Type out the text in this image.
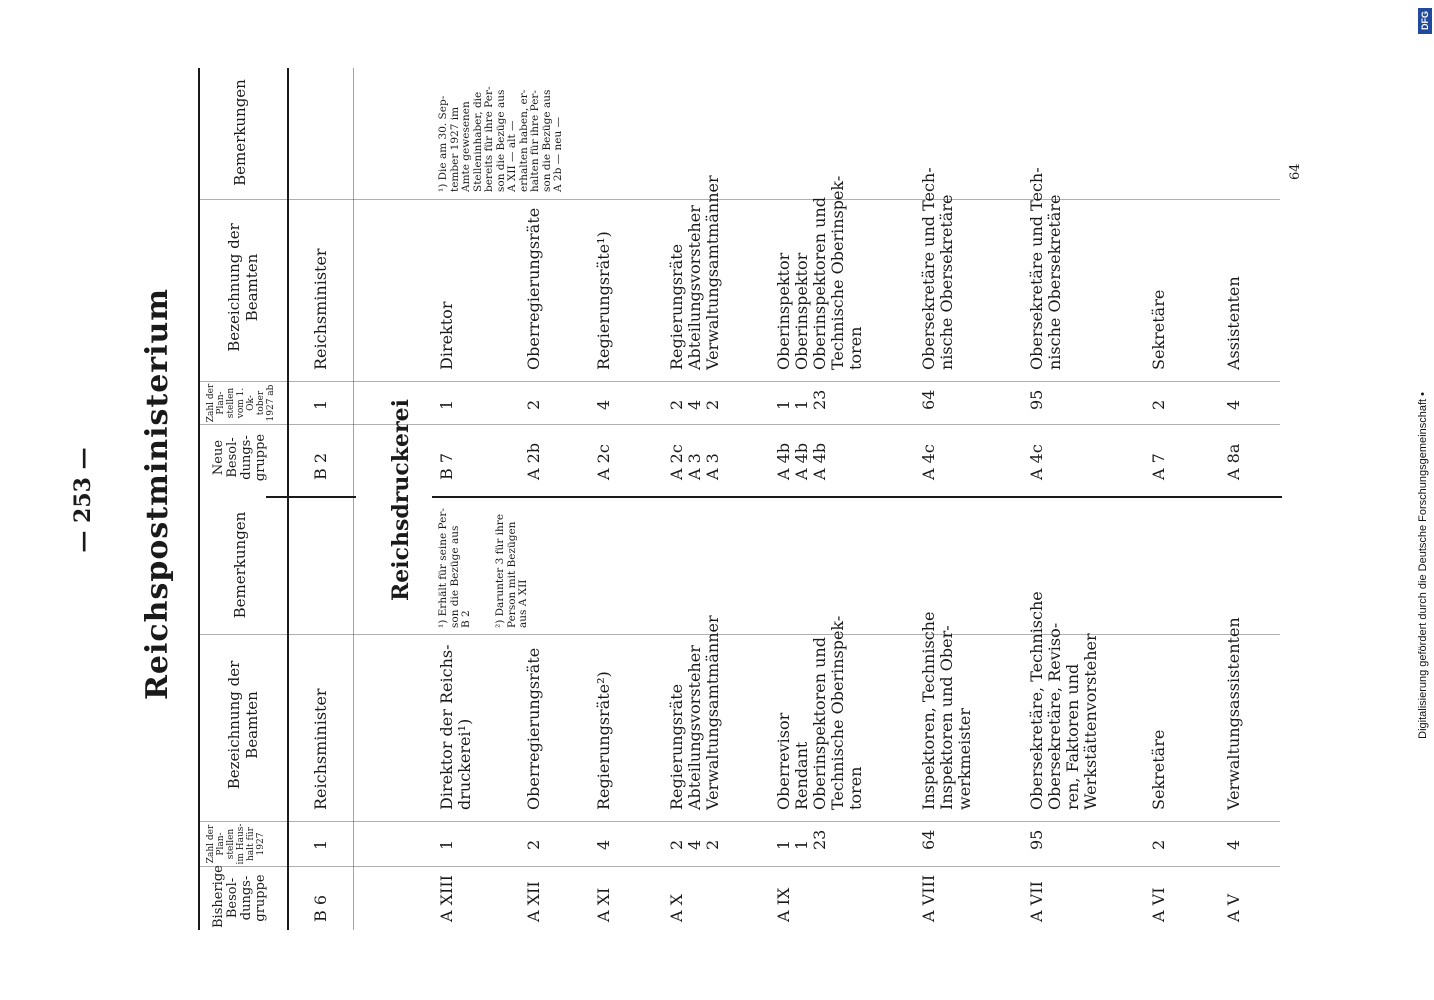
— 253 — Reichspostministerium
Bisherige Besol- dungs- gruppe
Zahl der Plan- stellen im Haus- halt für 1927
Bezeichnung der Beamten
Bemerkungen
Neue Besol- dungs- gruppe
Zahl der Plan- stellen vom 1. Ok- tober 1927 ab
Bezeichnung der Beamten
Bemerkungen
B 6
1
Reichsminister
B 2
1
Reichsminister
Reichsdruckerei
A XIII
1
Direktor der Reichs-
druckerei¹)
¹) Erhält für seine Per-
son die Bezüge aus
B 2
A XII
2
Oberregierungsräte
²) Darunter 3 für ihre
Person mit Bezügen
aus A XII
A XI
4
Regierungsräte²)
A X
2
4
2
Regierungsräte
Abteilungsvorsteher
Verwaltungsamtmänner
A IX
1
1
23
Oberrevisor
Rendant
Oberinspektoren und
Technische Oberinspek-
toren
A VIII
64
Inspektoren, Technische
Inspektoren und Ober-
werkmeister
A VII
95
Obersekretäre, Technische
Obersekretäre, Reviso-
ren, Faktoren und
Werkstättenvorsteher
A VI
2
Sekretäre
A V
4
Verwaltungsassistenten
B 7
1
Direktor
¹) Die am 30. Sep-
tember 1927 im
Amte gewesenen
Stelleninhaber, die
bereits für ihre Per-
son die Bezüge aus
A XII — alt —
erhalten haben, er-
halten für ihre Per-
son die Bezüge aus
A 2b — neu —
A 2b
2
Oberregierungsräte
A 2c
4
Regierungsräte¹)
A 2c
A 3
A 3
2
4
2
Regierungsräte
Abteilungsvorsteher
Verwaltungsamtmänner
A 4b
A 4b
A 4b
1
1
23
Oberinspektor
Oberinspektor
Oberinspektoren und
Technische Oberinspek-
toren
A 4c
64
Obersekretäre und Tech-
nische Obersekretäre
A 4c
95
Obersekretäre und Tech-
nische Obersekretäre
A 7
2
Sekretäre
A 8a
4
Assistenten
64
DFG
Digitalisierung gefördert durch die Deutsche Forschungsgemeinschaft •
